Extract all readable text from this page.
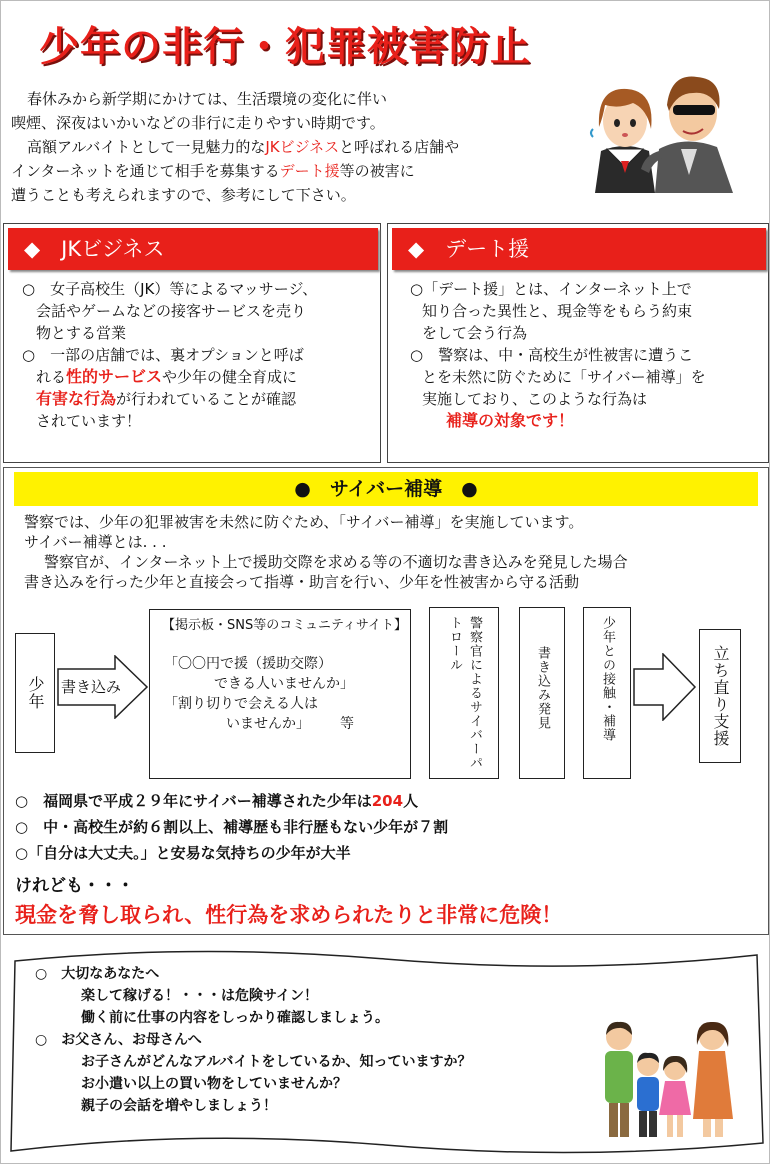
少年の非行・犯罪被害防止

春休みから新学期にかけては、生活環境の変化に伴い

喫煙、深夜はいかいなどの非行に走りやすい時期です。

高額アルバイトとして一見魅力的なJKビジネスと呼ばれる店舗や

インターネットを通じて相手を募集するデート援等の被害に

遭うことも考えられますので、参考にして下さい。

◆　JKビジネス

○　女子高校生（JK）等によるマッサージ、

会話やゲームなどの接客サービスを売り

物とする営業

○　一部の店舗では、裏オプションと呼ば

れる性的サービスや少年の健全育成に

有害な行為が行われていることが確認

されています！

◆　デート援

○「デート援」とは、インターネット上で

知り合った異性と、現金等をもらう約束

をして会う行為

○　警察は、中・高校生が性被害に遭うこ

とを未然に防ぐために「サイバー補導」を

実施しており、このような行為は

補導の対象です！

●　サイバー補導　●

警察では、少年の犯罪被害を未然に防ぐため、「サイバー補導」を実施しています。

サイバー補導とは. . .

警察官が、インターネット上で援助交際を求める等の不適切な書き込みを発見した場合

書き込みを行った少年と直接会って指導・助言を行い、少年を性被害から守る活動

少年 書き込み
【掲示板・SNS等のコミュニティサイト】
「〇〇円で援（援助交際）
できる人いませんか」
「割り切りで会える人は
いませんか」 等	警察官によるサイバーパトロール
書き込み発見	少年との接触・補導	立ち直り支援

○　福岡県で平成２９年にサイバー補導された少年は204人

○　中・高校生が約６割以上、補導歴も非行歴もない少年が７割

○「自分は大丈夫。」と安易な気持ちの少年が大半

けれども・・・
現金を脅し取られ、性行為を求められたりと非常に危険！

○　大切なあなたへ

楽して稼げる！・・・は危険サイン！

働く前に仕事の内容をしっかり確認しましょう。

○　お父さん、お母さんへ

お子さんがどんなアルバイトをしているか、知っていますか？

お小遣い以上の買い物をしていませんか？

親子の会話を増やしましょう！
